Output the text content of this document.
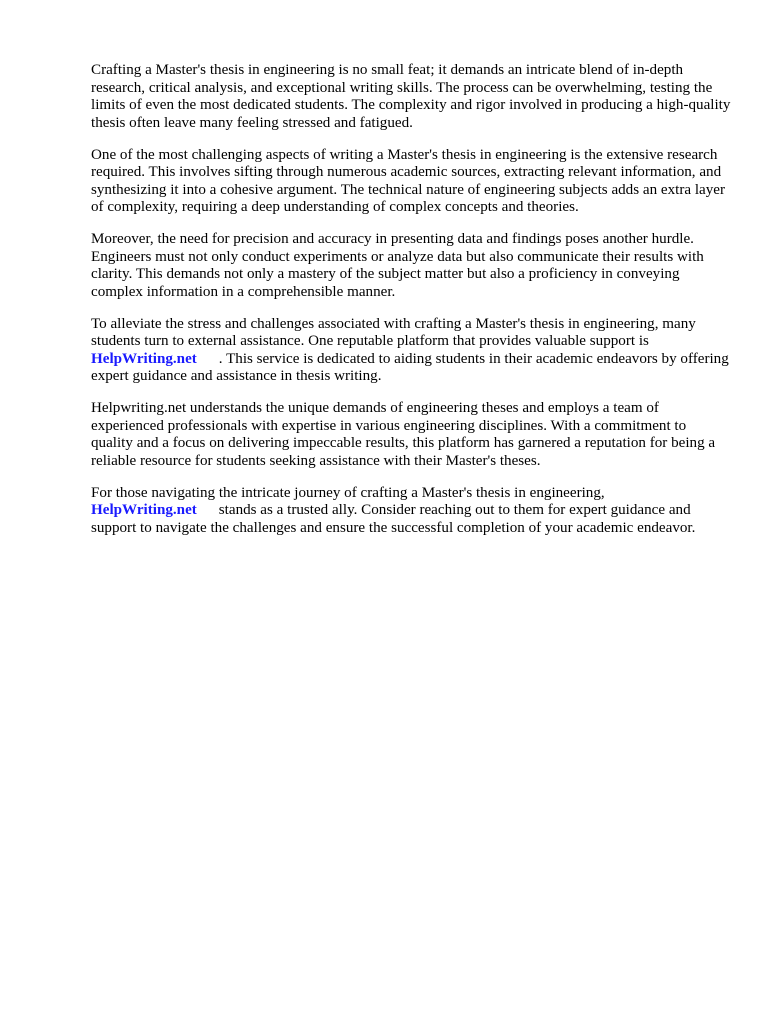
Crafting a Master's thesis in engineering is no small feat; it demands an intricate blend of in-depth research, critical analysis, and exceptional writing skills. The process can be overwhelming, testing the limits of even the most dedicated students. The complexity and rigor involved in producing a high-quality thesis often leave many feeling stressed and fatigued.

One of the most challenging aspects of writing a Master's thesis in engineering is the extensive research required. This involves sifting through numerous academic sources, extracting relevant information, and synthesizing it into a cohesive argument. The technical nature of engineering subjects adds an extra layer of complexity, requiring a deep understanding of complex concepts and theories.

Moreover, the need for precision and accuracy in presenting data and findings poses another hurdle. Engineers must not only conduct experiments or analyze data but also communicate their results with clarity. This demands not only a mastery of the subject matter but also a proficiency in conveying complex information in a comprehensible manner.

To alleviate the stress and challenges associated with crafting a Master's thesis in engineering, many students turn to external assistance. One reputable platform that provides valuable support is
HelpWriting.net . This service is dedicated to aiding students in their academic endeavors by offering expert guidance and assistance in thesis writing.

Helpwriting.net understands the unique demands of engineering theses and employs a team of experienced professionals with expertise in various engineering disciplines. With a commitment to quality and a focus on delivering impeccable results, this platform has garnered a reputation for being a reliable resource for students seeking assistance with their Master's theses.

For those navigating the intricate journey of crafting a Master's thesis in engineering,
HelpWriting.net stands as a trusted ally. Consider reaching out to them for expert guidance and support to navigate the challenges and ensure the successful completion of your academic endeavor.
